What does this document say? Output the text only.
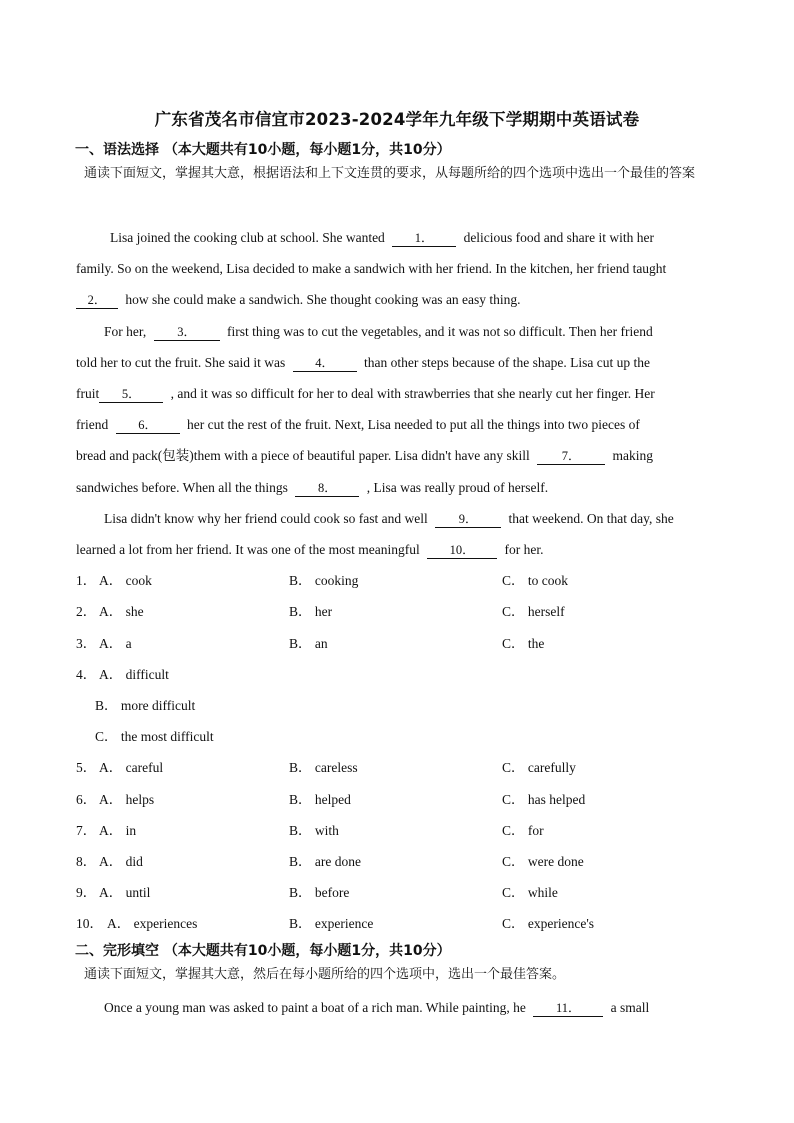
广东省茂名市信宜市2023-2024学年九年级下学期期中英语试卷
一、语法选择 （本大题共有10小题，每小题1分，共10分）
通读下面短文，掌握其大意，根据语法和上下文连贯的要求，从每题所给的四个选项中选出一个最佳的答案
Lisa joined the cooking club at school. She wanted 1． delicious food and share it with her
family. So on the weekend, Lisa decided to make a sandwich with her friend. In the kitchen, her friend taught
2． how she could make a sandwich. She thought cooking was an easy thing.
For her, 3． first thing was to cut the vegetables, and it was not so difficult. Then her friend
told her to cut the fruit. She said it was 4． than other steps because of the shape. Lisa cut up the
fruit 5． , and it was so difficult for her to deal with strawberries that she nearly cut her finger. Her
friend 6． her cut the rest of the fruit. Next, Lisa needed to put all the things into two pieces of
bread and pack(包装)them with a piece of beautiful paper. Lisa didn't have any skill	7． making
sandwiches before. When all the things 8． , Lisa was really proud of herself.
Lisa didn't know why her friend could cook so fast and well 9． that weekend. On that day, she
learned a lot from her friend. It was one of the most meaningful 10． for her.
1． A． cook	B． cooking	C． to cook
2． A． she	B． her	C． herself
3． A． a	B． an	C． the
4． A． difficult
B． more difficult
C． the most difficult
5． A． careful	B． careless	C． carefully
6． A． helps	B． helped	C． has helped
7． A． in	B． with	C． for
8． A． did	B． are done	C． were done
9． A． until	B． before	C． while
10． A． experiences	B． experience	C． experience's
二、完形填空 （本大题共有10小题，每小题1分，共10分）
通读下面短文，掌握其大意，然后在每小题所给的四个选项中，选出一个最佳答案。
Once a young man was asked to paint a boat of a rich man. While painting, he 11． a small
